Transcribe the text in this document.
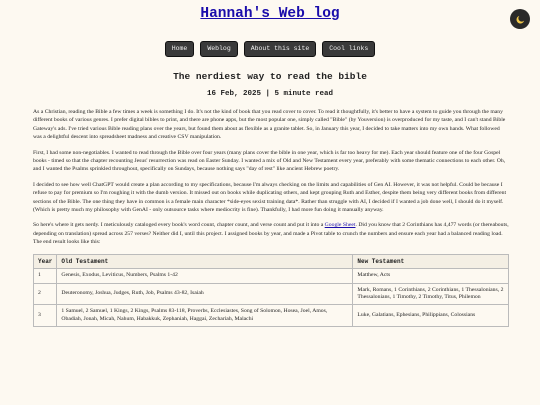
Hannah's Web log
Home	Weblog	About this site	Cool links
The nerdiest way to read the bible
16 Feb, 2025 | 5 minute read

As a Christian, reading the Bible a few times a week is something I do. It's not the kind of book that you read cover to cover. To read it thoughtfully, it's better to have a system to guide you through the many different books of various genres. I prefer digital bibles to print, and there are phone apps, but the most popular one, simply called "Bible" (by Youversion) is overproduced for my taste, and I can't stand Bible Gateway's ads. I've tried various Bible reading plans over the years, but found them about as flexible as a granite tablet. So, in January this year, I decided to take matters into my own hands. What followed was a delightful descent into spreadsheet madness and creative CSV manipulation.

First, I had some non-negotiables. I wanted to read through the Bible over four years (many plans cover the bible in one year, which is far too heavy for me). Each year should feature one of the four Gospel books - timed so that the chapter recounting Jesus' resurrection was read on Easter Sunday. I wanted a mix of Old and New Testament every year, preferably with some thematic connections to each other. Oh, and I wanted the Psalms sprinkled throughout, specifically on Sundays, because nothing says "day of rest" like ancient Hebrew poetry.

I decided to see how well ChatGPT would create a plan according to my specifications, because I'm always checking on the limits and capabilities of Gen AI. However, it was not helpful. Could be because I refuse to pay for premium so I'm roughing it with the dumb version. It missed out on books while duplicating others, and kept grouping Ruth and Esther, despite them being very different books from different sections of the Bible. The one thing they have in common is a female main character *side-eyes sexist training data*. Rather than struggle with AI, I decided if I wanted a job done well, I should do it myself. (Which is pretty much my philosophy with GenAI - only outsource tasks where mediocrity is fine). Thankfully, I had more fun doing it manually anyway.

So here's where it gets nerdy. I meticulously cataloged every book's word count, chapter count, and verse count and put it into a Google Sheet. Did you know that 2 Corinthians has 4,477 words (or thereabouts, depending on translation) spread across 257 verses? Neither did I, until this project. I assigned books by year, and made a Pivot table to crunch the numbers and ensure each year had a balanced reading load. The end result looks like this:

Year	Old Testament	New Testament
1	Genesis, Exodus, Leviticus, Numbers, Psalms 1-42	Matthew, Acts
2	Deuteronomy, Joshua, Judges, Ruth, Job, Psalms 43-82, Isaiah	Mark, Romans, 1 Corinthians, 2 Corinthians, 1 Thessalonians, 2 Thessalonians, 1 Timothy, 2 Timothy, Titus, Philemon
3	1 Samuel, 2 Samuel, 1 Kings, 2 Kings, Psalms 83-118, Proverbs, Ecclesiastes, Song of Solomon, Hosea, Joel, Amos, Obadiah, Jonah, Micah, Nahum, Habakkuk, Zephaniah, Haggai, Zechariah, Malachi	Luke, Galatians, Ephesians, Philippians, Colossians
